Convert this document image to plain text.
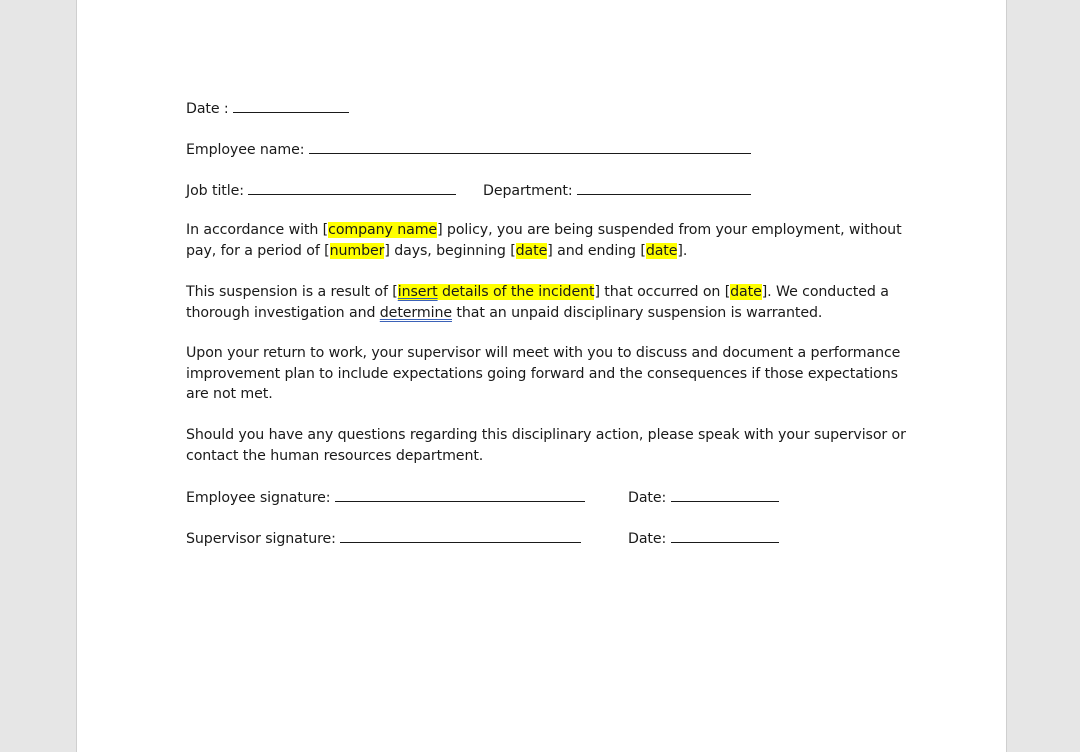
Date :
Employee name:
Job title:	Department:
In accordance with [company name] policy, you are being suspended from your employment, without pay, for a period of [number] days, beginning [date] and ending [date].
This suspension is a result of [insert details of the incident] that occurred on [date]. We conducted a thorough investigation and determine that an unpaid disciplinary suspension is warranted.
Upon your return to work, your supervisor will meet with you to discuss and document a performance improvement plan to include expectations going forward and the consequences if those expectations are not met.
Should you have any questions regarding this disciplinary action, please speak with your supervisor or contact the human resources department.
Employee signature:	Date:
Supervisor signature:	Date:
